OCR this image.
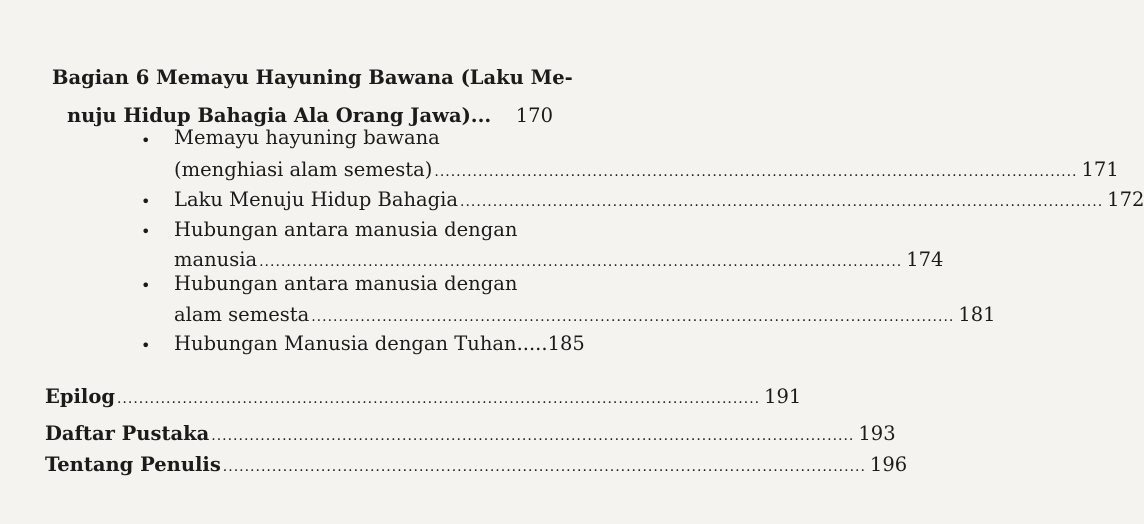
Bagian 6 Memayu Hayuning Bawana (Laku Me-
nuju Hidup Bahagia Ala Orang Jawa)... 170
• Memayu hayuning bawana
(menghiasi alam semesta) ...................................................................................................................... 171
• Laku Menuju Hidup Bahagia ...................................................................................................................... 172
• Hubungan antara manusia dengan
manusia ...................................................................................................................... 174
• Hubungan antara manusia dengan
alam semesta ...................................................................................................................... 181
• Hubungan Manusia dengan Tuhan..... 185
Epilog ...................................................................................................................... 191
Daftar Pustaka ...................................................................................................................... 193
Tentang Penulis ...................................................................................................................... 196
